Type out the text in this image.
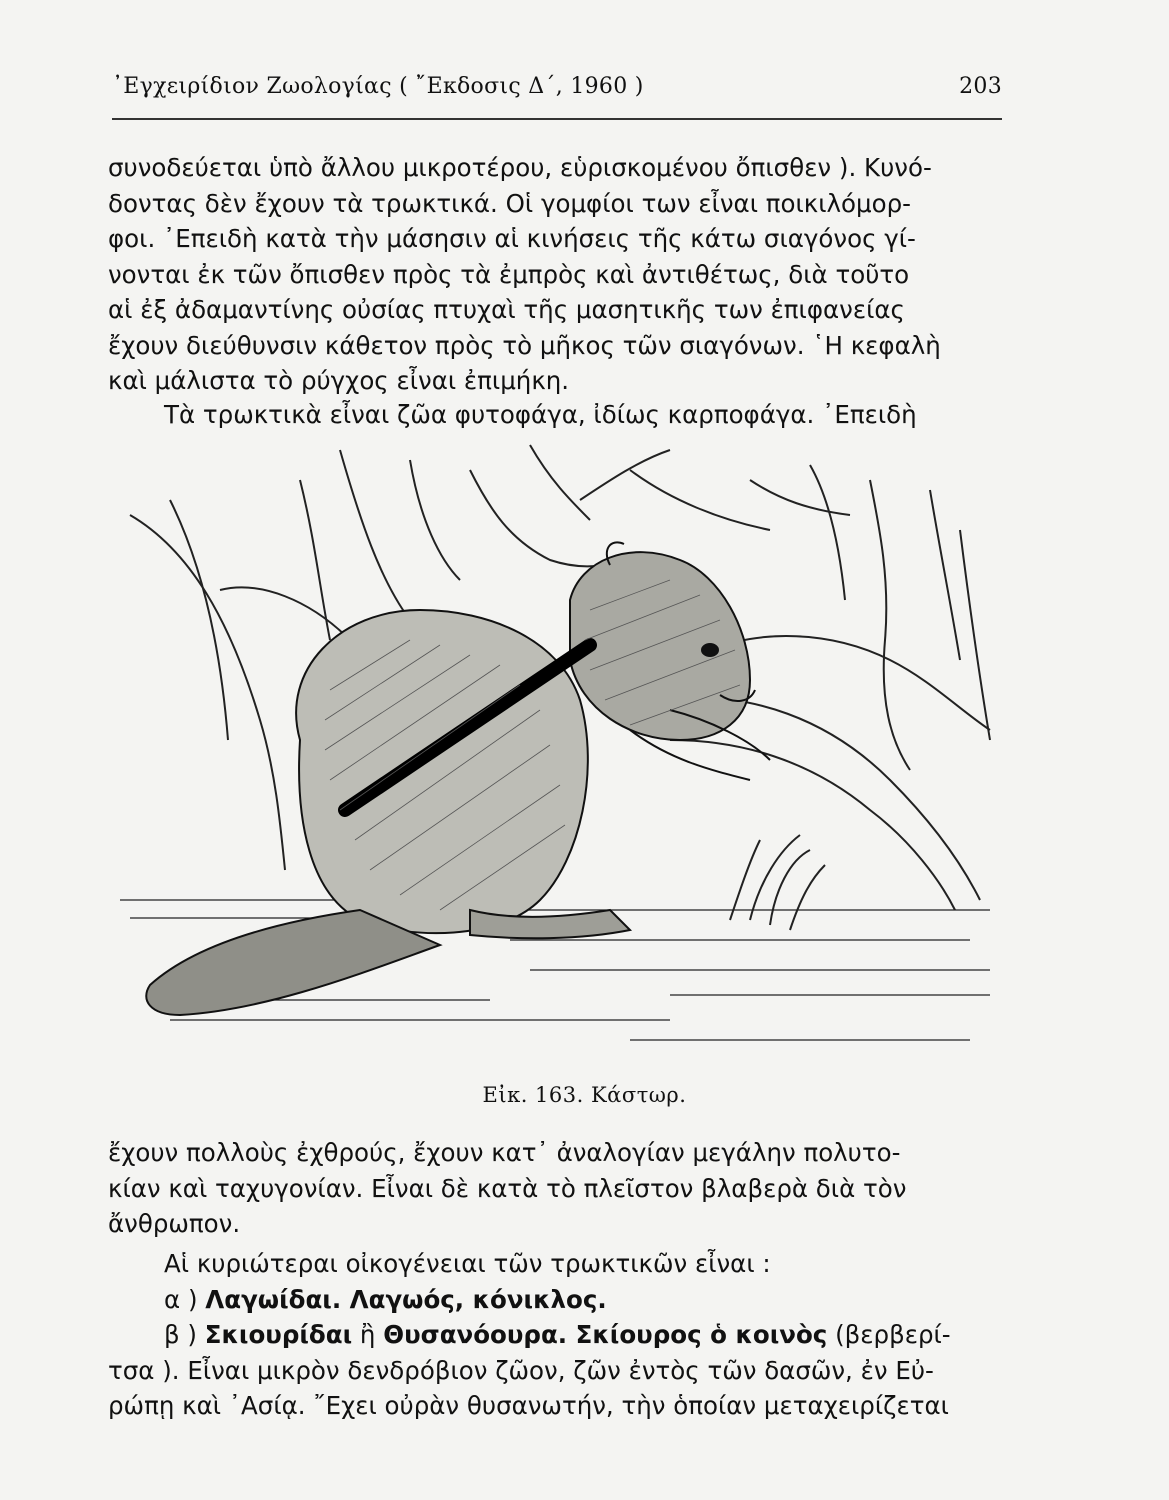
᾿Εγχειρίδιον Ζωολογίας ( ῎Εκδοσις Δ΄, 1960 )	203
συνοδεύεται ὑπὸ ἄλλου μικροτέρου, εὑρισκομένου ὄπισθεν ). Κυνό-
δοντας δὲν ἔχουν τὰ τρωκτικά. Οἱ γομφίοι των εἶναι ποικιλόμορ-
φοι. ᾿Επειδὴ κατὰ τὴν μάσησιν αἱ κινήσεις τῆς κάτω σιαγόνος γί-
νονται ἐκ τῶν ὄπισθεν πρὸς τὰ ἐμπρὸς καὶ ἀντιθέτως, διὰ τοῦτο
αἱ ἐξ ἀδαμαντίνης οὐσίας πτυχαὶ τῆς μασητικῆς των ἐπιφανείας
ἔχουν διεύθυνσιν κάθετον πρὸς τὸ μῆκος τῶν σιαγόνων. ῾Η κεφαλὴ
καὶ μάλιστα τὸ ρύγχος εἶναι ἐπιμήκη.
Τὰ τρωκτικὰ εἶναι ζῶα φυτοφάγα, ἰδίως καρποφάγα. ᾿Επειδὴ
Εἰκ. 163. Κάστωρ.
ἔχουν πολλοὺς ἐχθρούς, ἔχουν κατ᾿ ἀναλογίαν μεγάλην πολυτο-
κίαν καὶ ταχυγονίαν. Εἶναι δὲ κατὰ τὸ πλεῖστον βλαβερὰ διὰ τὸν
ἄνθρωπον.
Αἱ κυριώτεραι οἰκογένειαι τῶν τρωκτικῶν εἶναι :
α ) Λαγωίδαι. Λαγωός, κόνικλος.
β ) Σκιουρίδαι ἢ Θυσανόουρα. Σκίουρος ὁ κοινὸς (βερβερί-
τσα ). Εἶναι μικρὸν δενδρόβιον ζῶον, ζῶν ἐντὸς τῶν δασῶν, ἐν Εὐ-
ρώπῃ καὶ ᾿Ασίᾳ. ῎Εχει οὐρὰν θυσανωτήν, τὴν ὁποίαν μεταχειρίζεται
